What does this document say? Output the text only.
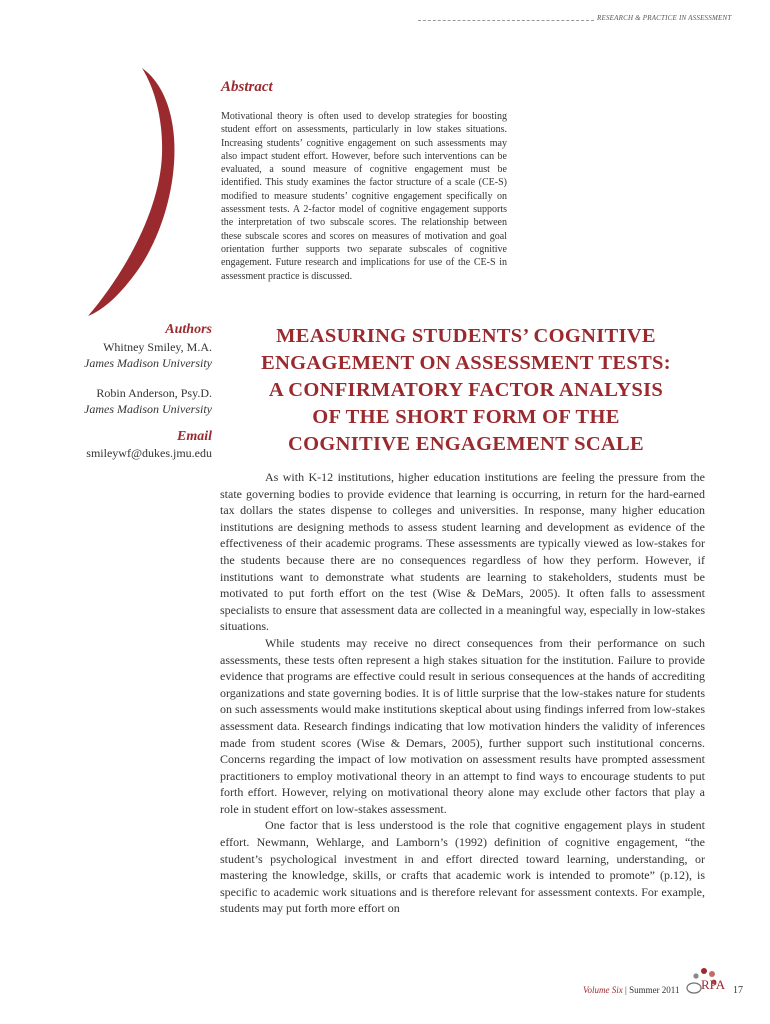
RESEARCH & PRACTICE IN ASSESSMENT
Abstract
Motivational theory is often used to develop strategies for boosting student effort on assessments, particularly in low stakes situations. Increasing students’ cognitive engagement on such assessments may also impact student effort. However, before such interventions can be evaluated, a sound measure of cognitive engagement must be identified. This study examines the factor structure of a scale (CE-S) modified to measure students’ cognitive engagement specifically on assessment tests. A 2-factor model of cognitive engagement supports the interpretation of two subscale scores. The relationship between these subscale scores and scores on measures of motivation and goal orientation further supports two separate subscales of cognitive engagement. Future research and implications for use of the CE-S in assessment practice is discussed.
Authors
Whitney Smiley, M.A.
James Madison University
Robin Anderson, Psy.D.
James Madison University
Email
smileywf@dukes.jmu.edu
MEASURING STUDENTS’ COGNITIVE
ENGAGEMENT ON ASSESSMENT TESTS:
A CONFIRMATORY FACTOR ANALYSIS
OF THE SHORT FORM OF THE
COGNITIVE ENGAGEMENT SCALE

As with K-12 institutions, higher education institutions are feeling the pressure from the state governing bodies to provide evidence that learning is occurring, in return for the hard-earned tax dollars the states dispense to colleges and universities. In response, many higher education institutions are designing methods to assess student learning and development as evidence of the effectiveness of their academic programs. These assessments are typically viewed as low-stakes for the students because there are no consequences regardless of how they perform. However, if institutions want to demonstrate what students are learning to stakeholders, students must be motivated to put forth effort on the test (Wise & DeMars, 2005). It often falls to assessment specialists to ensure that assessment data are collected in a meaningful way, especially in low-stakes situations.

While students may receive no direct consequences from their performance on such assessments, these tests often represent a high stakes situation for the institution. Failure to provide evidence that programs are effective could result in serious consequences at the hands of accrediting organizations and state governing bodies. It is of little surprise that the low-stakes nature for students on such assessments would make institutions skeptical about using findings inferred from low-stakes assessment data. Research findings indicating that low motivation hinders the validity of inferences made from student scores (Wise & Demars, 2005), further support such institutional concerns. Concerns regarding the impact of low motivation on assessment results have prompted assessment practitioners to employ motivational theory in an attempt to find ways to encourage students to put forth effort. However, relying on motivational theory alone may exclude other factors that play a role in student effort on low-stakes assessment.

One factor that is less understood is the role that cognitive engagement plays in student effort. Newmann, Wehlarge, and Lamborn’s (1992) definition of cognitive engagement, “the student’s psychological investment in and effort directed toward learning, understanding, or mastering the knowledge, skills, or crafts that academic work is intended to promote” (p.12), is specific to academic work situations and is therefore relevant for assessment contexts. For example, students may put forth more effort on

Volume Six | Summer 2011 RPA 17
